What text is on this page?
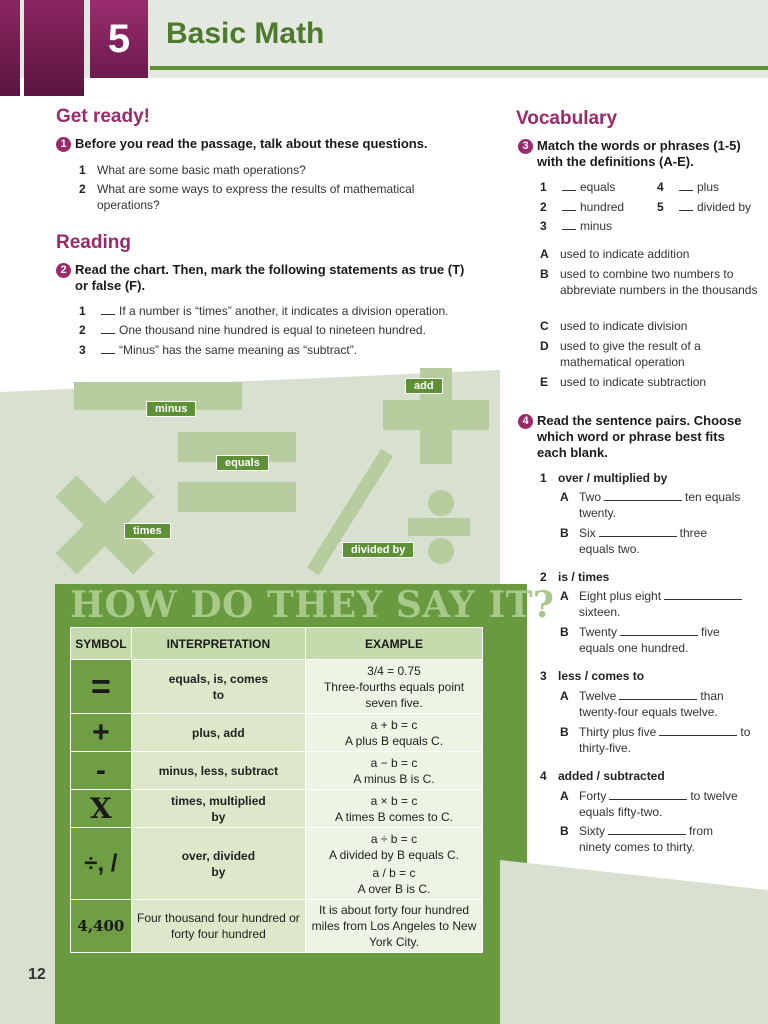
5	Basic Math
Get ready!
1 Before you read the passage, talk about these questions.
1 What are some basic math operations?
2 What are some ways to express the results of mathematical operations?
Reading
2 Read the chart. Then, mark the following statements as true (T) or false (F).
1	If a number is “times” another, it indicates a division operation.
2	One thousand nine hundred is equal to nineteen hundred.
3	“Minus” has the same meaning as “subtract”.
minus
equals
add
times
divided by
HOW DO THEY SAY IT?
SYMBOL	INTERPRETATION	EXAMPLE
=	equals, is, comes to	3/4 = 0.75
Three-fourths equals point seven five.

+	plus, add	a + b = c
A plus B equals C.

-	minus, less, subtract	a − b = c
A minus B is C.

X	times, multiplied by	a × b = c
A times B comes to C.

÷, /	over, divided by	a ÷ b = c
A divided by B equals C.
a / b = c
A over B is C.

4,400	Four thousand four hundred or forty four hundred	It is about forty four hundred miles from Los Angeles to New York City.
12
Vocabulary
3 Match the words or phrases (1-5) with the definitions (A-E).
1	equals	4	plus
2	hundred	5	divided by
3	minus
A used to indicate addition
B used to combine two numbers to abbreviate numbers in the thousands
C used to indicate division
D used to give the result of a mathematical operation
E used to indicate subtraction
4 Read the sentence pairs. Choose which word or phrase best fits each blank.
1 over / multiplied by
A Two	ten equals twenty.
B Six	three equals two.
2 is / times
A Eight plus eightsixteen.
B Twenty	five equals one hundred.
3 less / comes to
A Twelve	than twenty-four equals twelve.
B Thirty plus five	to thirty-five.
4 added / subtracted
A Forty	to twelve equals fifty-two.
B Sixty	from ninety comes to thirty.
